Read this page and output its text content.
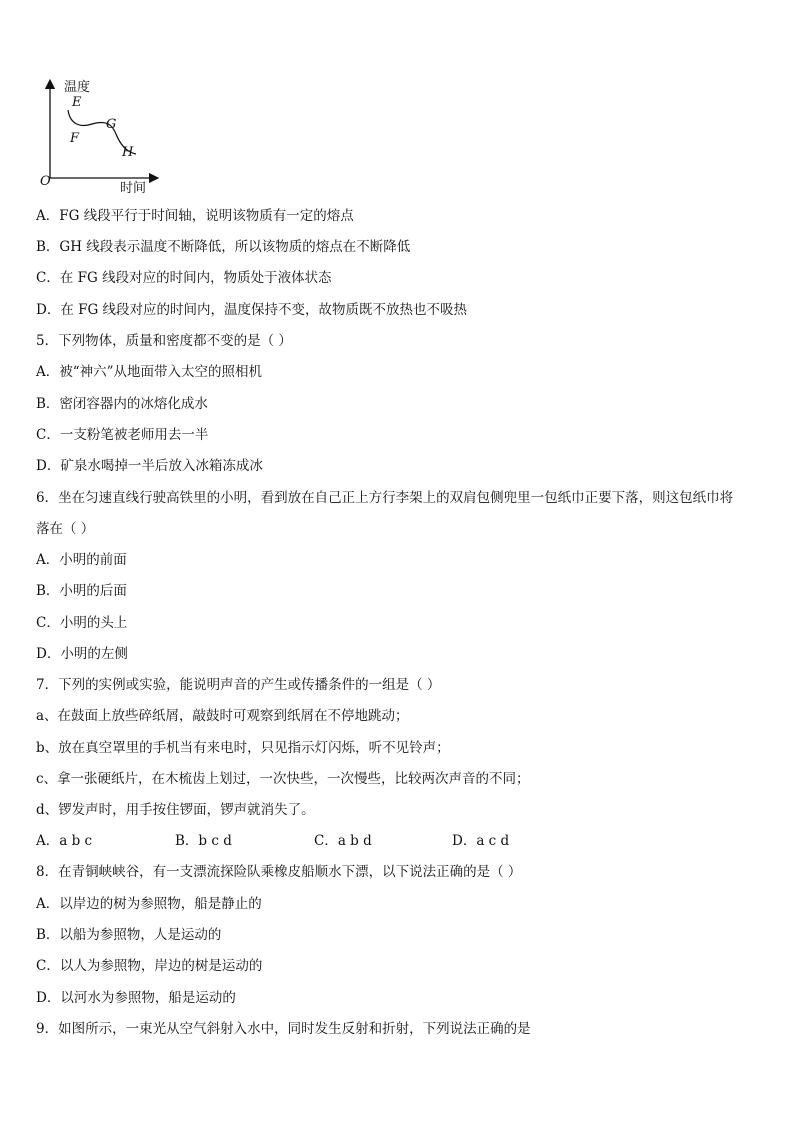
温度
时间
O
E
F
G
H
A．FG 线段平行于时间轴，说明该物质有一定的熔点
B．GH 线段表示温度不断降低，所以该物质的熔点在不断降低
C．在 FG 线段对应的时间内，物质处于液体状态
D．在 FG 线段对应的时间内，温度保持不变，故物质既不放热也不吸热
5．下列物体，质量和密度都不变的是（ ）
A．被“神六”从地面带入太空的照相机
B．密闭容器内的冰熔化成水
C．一支粉笔被老师用去一半
D．矿泉水喝掉一半后放入冰箱冻成冰
6．坐在匀速直线行驶高铁里的小明，看到放在自己正上方行李架上的双肩包侧兜里一包纸巾正要下落，则这包纸巾将
落在（ ）
A．小明的前面
B．小明的后面
C．小明的头上
D．小明的左侧
7．下列的实例或实验，能说明声音的产生或传播条件的一组是（ ）
a、在鼓面上放些碎纸屑，敲鼓时可观察到纸屑在不停地跳动；
b、放在真空罩里的手机当有来电时，只见指示灯闪烁，听不见铃声；
c、拿一张硬纸片，在木梳齿上划过，一次快些，一次慢些，比较两次声音的不同；
d、锣发声时，用手按住锣面，锣声就消失了。
A．a b c	B．b c d	C．a b d	D．a c d
8．在青铜峡峡谷，有一支漂流探险队乘橡皮船顺水下漂，以下说法正确的是（ ）
A．以岸边的树为参照物，船是静止的
B．以船为参照物，人是运动的
C．以人为参照物，岸边的树是运动的
D．以河水为参照物，船是运动的
9．如图所示，一束光从空气斜射入水中，同时发生反射和折射，下列说法正确的是
